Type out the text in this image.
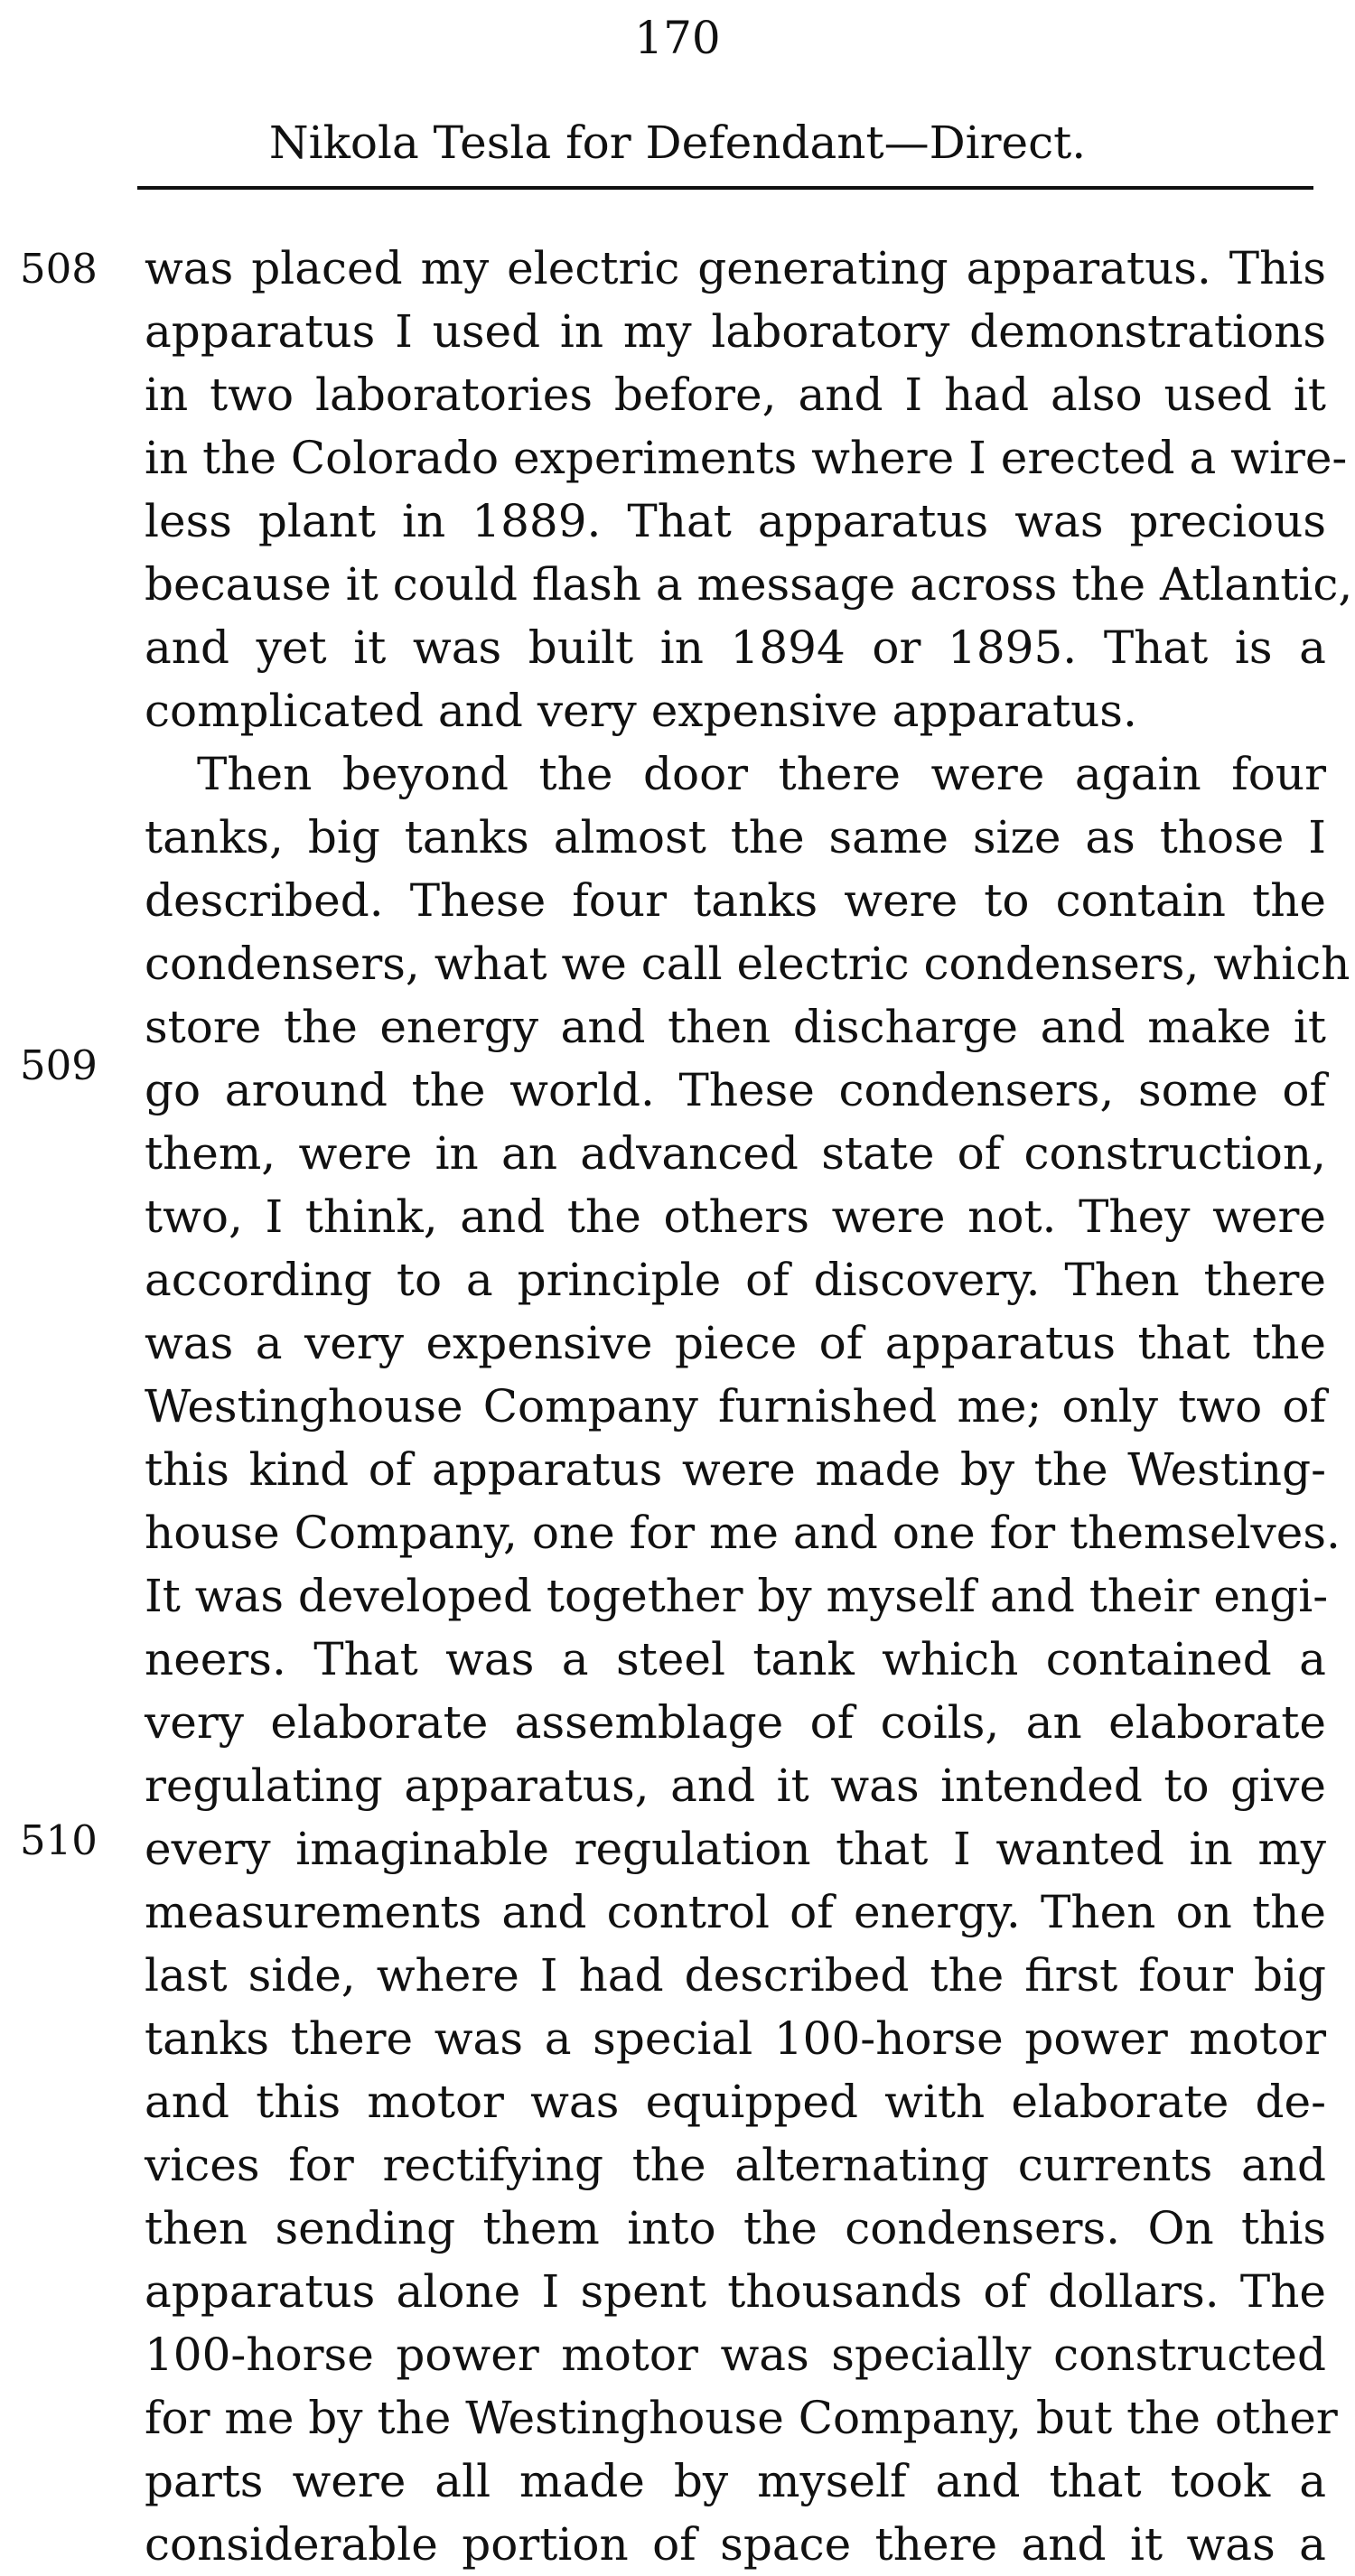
170
Nikola Tesla for Defendant—Direct.
508
509
510
was placed my electric generating apparatus. This
apparatus I used in my laboratory demonstrations
in two laboratories before, and I had also used it
in the Colorado experiments where I erected a wire-
less plant in 1889. That apparatus was precious
because it could flash a message across the Atlantic,
and yet it was built in 1894 or 1895. That is a
complicated and very expensive apparatus.
Then beyond the door there were again four
tanks, big tanks almost the same size as those I
described. These four tanks were to contain the
condensers, what we call electric condensers, which
store the energy and then discharge and make it
go around the world. These condensers, some of
them, were in an advanced state of construction,
two, I think, and the others were not. They were
according to a principle of discovery. Then there
was a very expensive piece of apparatus that the
Westinghouse Company furnished me; only two of
this kind of apparatus were made by the Westing-
house Company, one for me and one for themselves.
It was developed together by myself and their engi-
neers. That was a steel tank which contained a
very elaborate assemblage of coils, an elaborate
regulating apparatus, and it was intended to give
every imaginable regulation that I wanted in my
measurements and control of energy. Then on the
last side, where I had described the first four big
tanks there was a special 100-horse power motor
and this motor was equipped with elaborate de-
vices for rectifying the alternating currents and
then sending them into the condensers. On this
apparatus alone I spent thousands of dollars. The
100-horse power motor was specially constructed
for me by the Westinghouse Company, but the other
parts were all made by myself and that took a
considerable portion of space there and it was a
